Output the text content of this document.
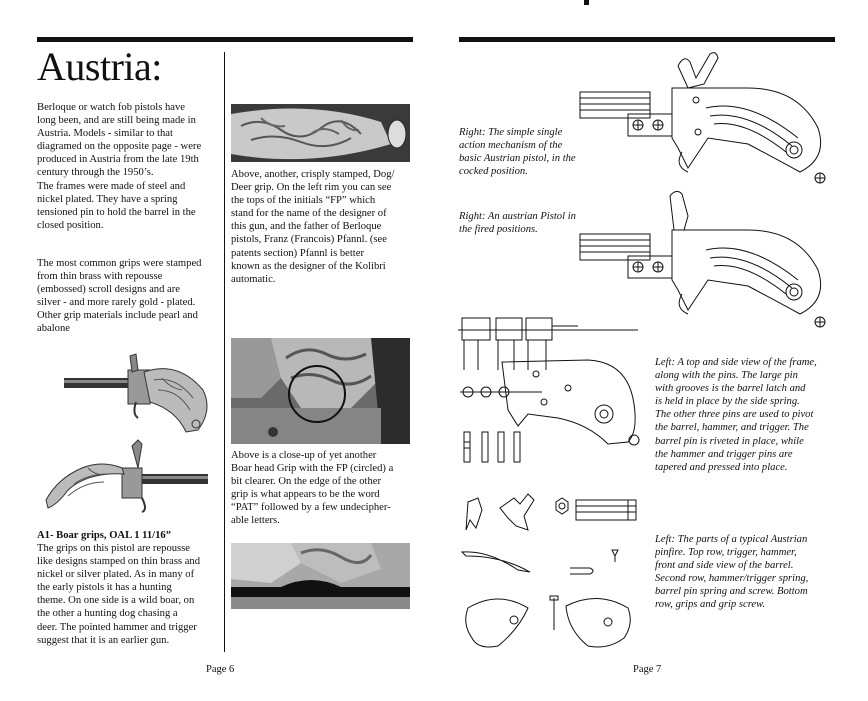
Austria:
Berloque or watch fob pistols have
long been, and are still being made in
Austria. Models - similar to that
diagramed on the opposite page - were
produced in Austria from the late 19th
century through the 1950’s.
The frames were made of steel and
nickel plated. They have a spring
tensioned pin to hold the barrel in the
closed position.
The most common grips were stamped
from thin brass with repousse
(embossed) scroll designs and are
silver - and more rarely gold - plated.
Other grip materials include pearl and
abalone
A1- Boar grips, OAL 1 11/16”
The grips on this pistol are repousse
like designs stamped on thin brass and
nickel or silver plated. As in many of
the early pistols it has a hunting
theme. On one side is a wild boar, on
the other a hunting dog chasing a
deer. The pointed hammer and trigger
suggest that it is an earlier gun.
Above, another, crisply stamped, Dog/
Deer grip. On the left rim you can see
the tops of the initials “FP” which
stand for the name of the designer of
this gun, and the father of Berloque
pistols, Franz (Francois) Pfannl. (see
patents section) Pfannl is better
known as the designer of the Kolibri
automatic.
Above is a close-up of yet another
Boar head Grip with the FP (circled) a
bit clearer. On the edge of the other
grip is what appears to be the word
“PAT” followed by a few undecipher-
able letters.
Page 6
Right: The simple single
action mechanism of the
basic Austrian pistol, in the
cocked position.
Right: An austrian Pistol in
the fired positions.
Left: A top and side view of the frame,
along with the pins. The large pin
with grooves is the barrel latch and
is held in place by the side spring.
The other three pins are used to pivot
the barrel, hammer, and trigger. The
barrel pin is riveted in place, while
the hammer and trigger pins are
tapered and pressed into place.
Left: The parts of a typical Austrian
pinfire. Top row, trigger, hammer,
front and side view of the barrel.
Second row, hammer/trigger spring,
barrel pin spring and screw. Bottom
row, grips and grip screw.
Page 7
